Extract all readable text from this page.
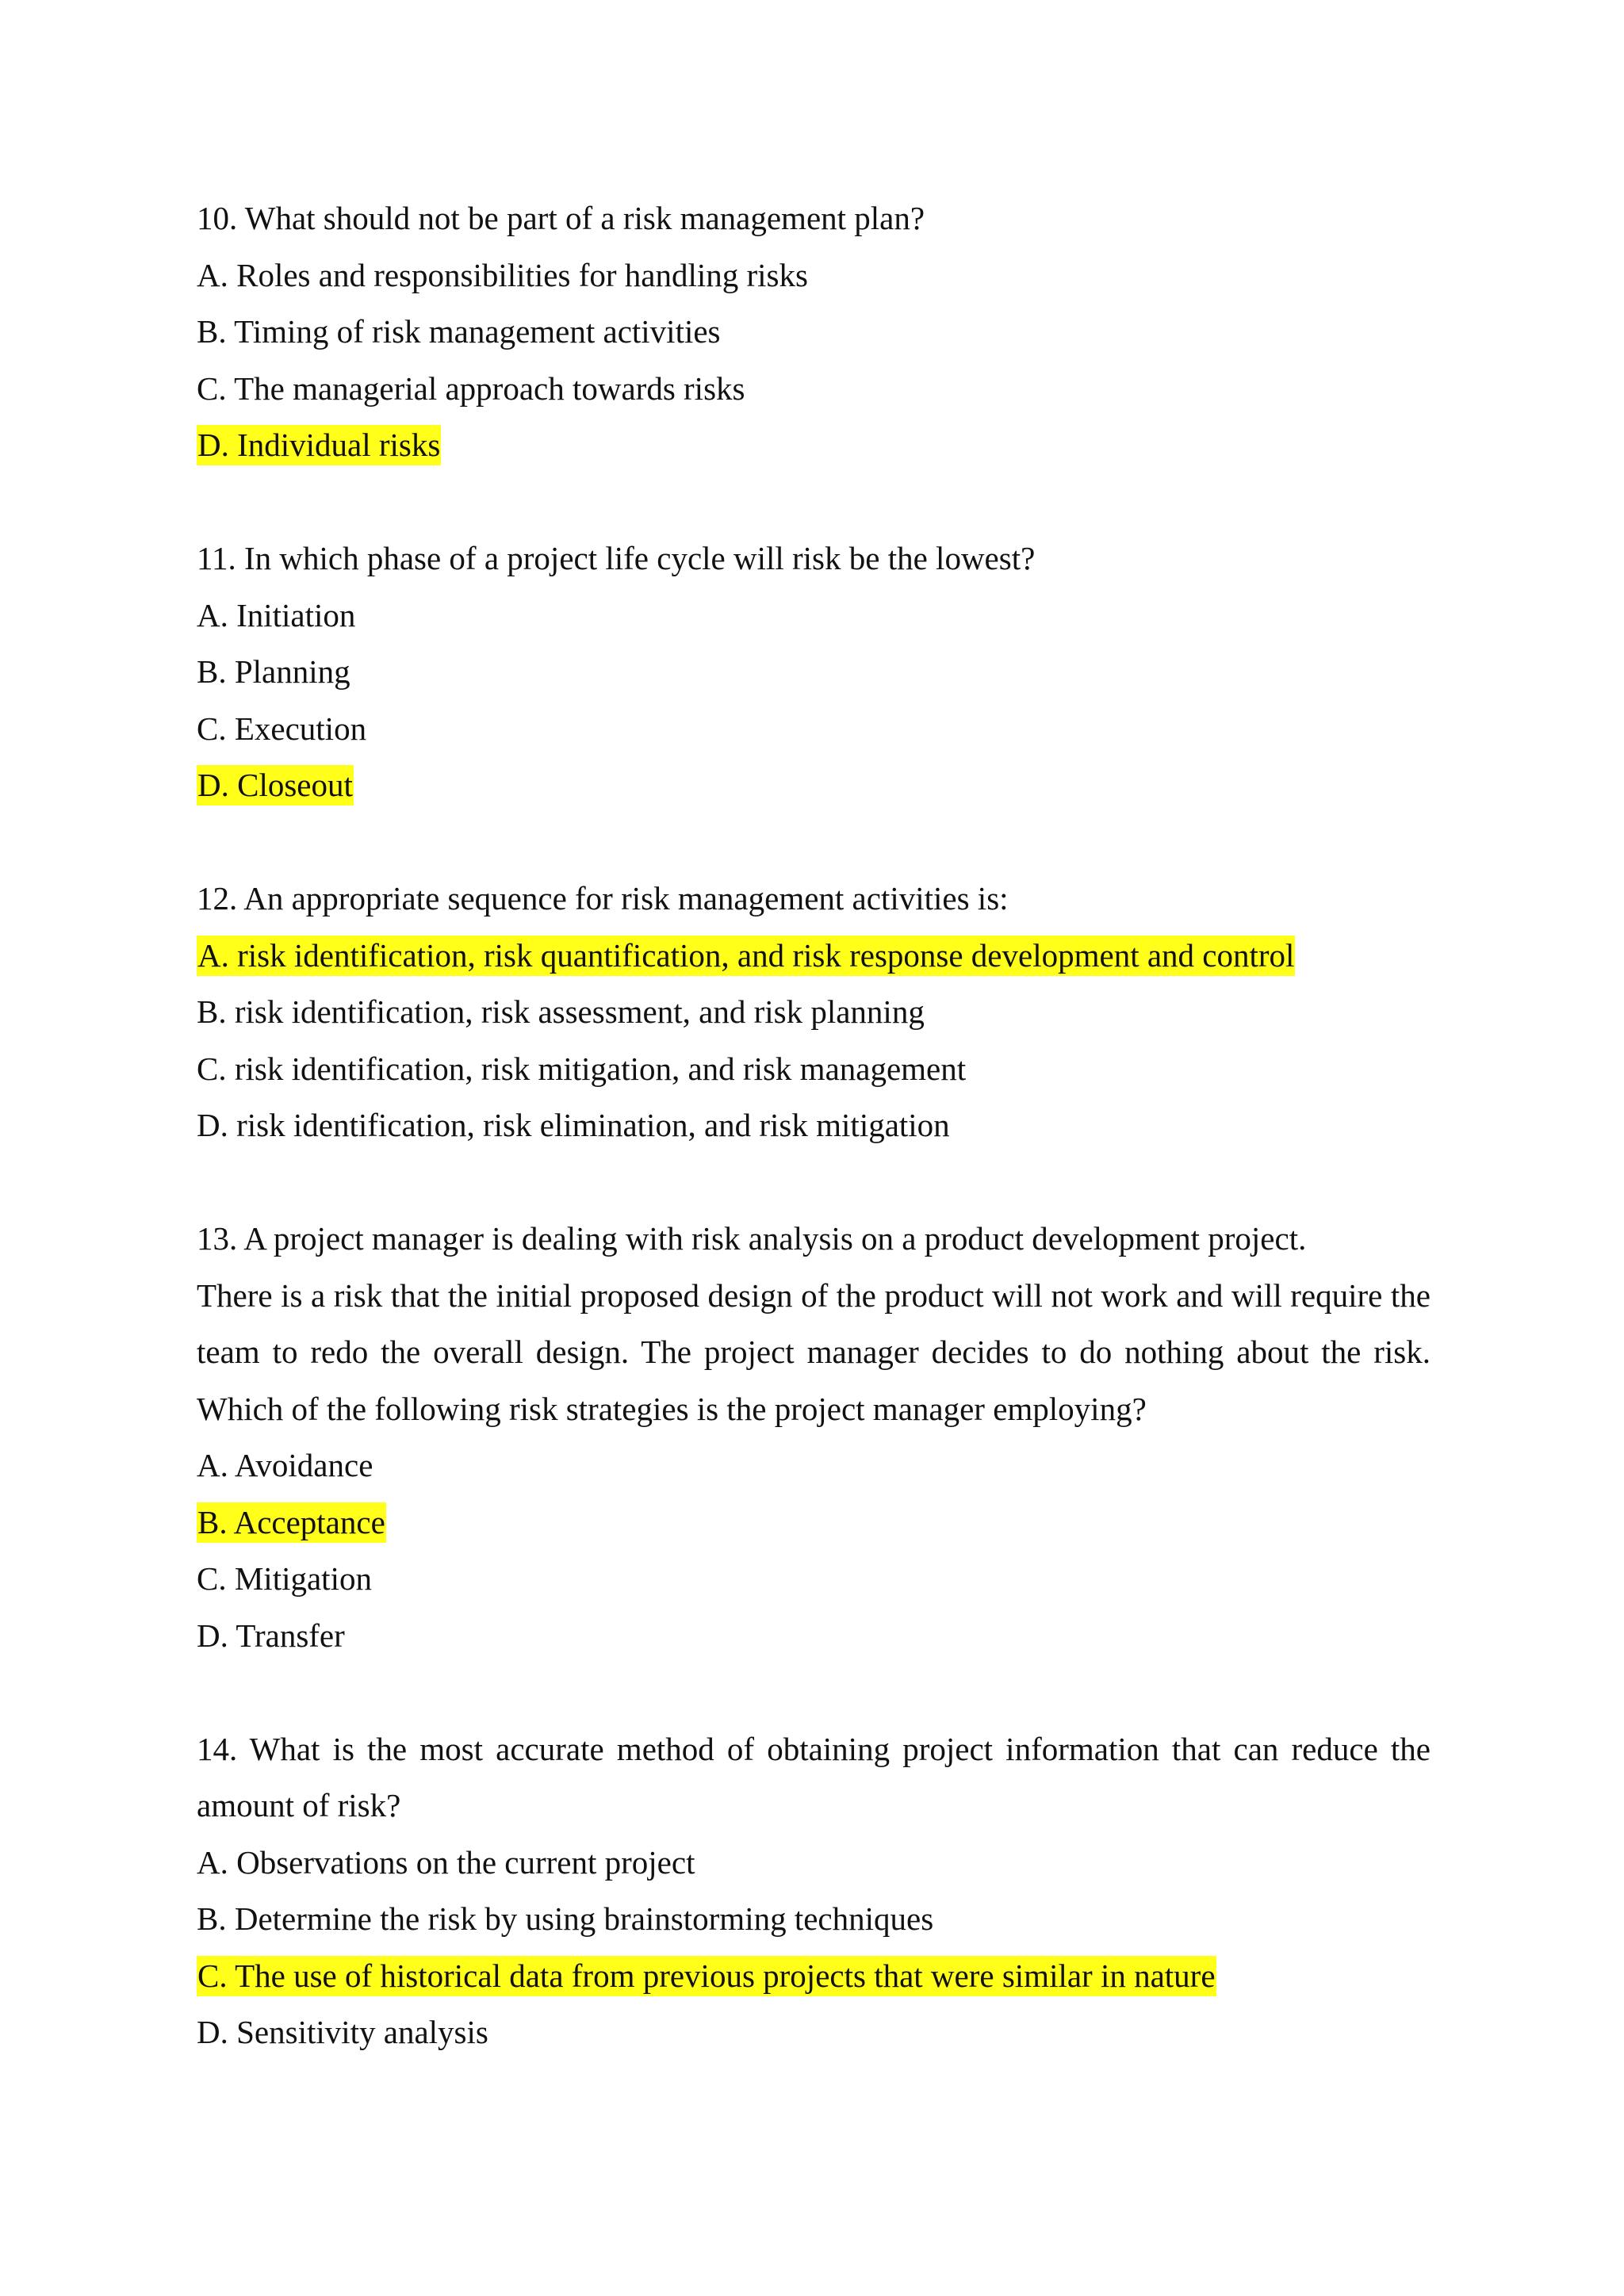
10. What should not be part of a risk management plan?
A. Roles and responsibilities for handling risks
B. Timing of risk management activities
C. The managerial approach towards risks
D. Individual risks
11. In which phase of a project life cycle will risk be the lowest?
A. Initiation
B. Planning
C. Execution
D. Closeout
12. An appropriate sequence for risk management activities is:
A. risk identification, risk quantification, and risk response development and control
B. risk identification, risk assessment, and risk planning
C. risk identification, risk mitigation, and risk management
D. risk identification, risk elimination, and risk mitigation
13. A project manager is dealing with risk analysis on a product development project.
There is a risk that the initial proposed design of the product will not work and will require the team to redo the overall design. The project manager decides to do nothing about the risk. Which of the following risk strategies is the project manager employing?
A. Avoidance
B. Acceptance
C. Mitigation
D. Transfer
14. What is the most accurate method of obtaining project information that can reduce the amount of risk?
A. Observations on the current project
B. Determine the risk by using brainstorming techniques
C. The use of historical data from previous projects that were similar in nature
D. Sensitivity analysis
